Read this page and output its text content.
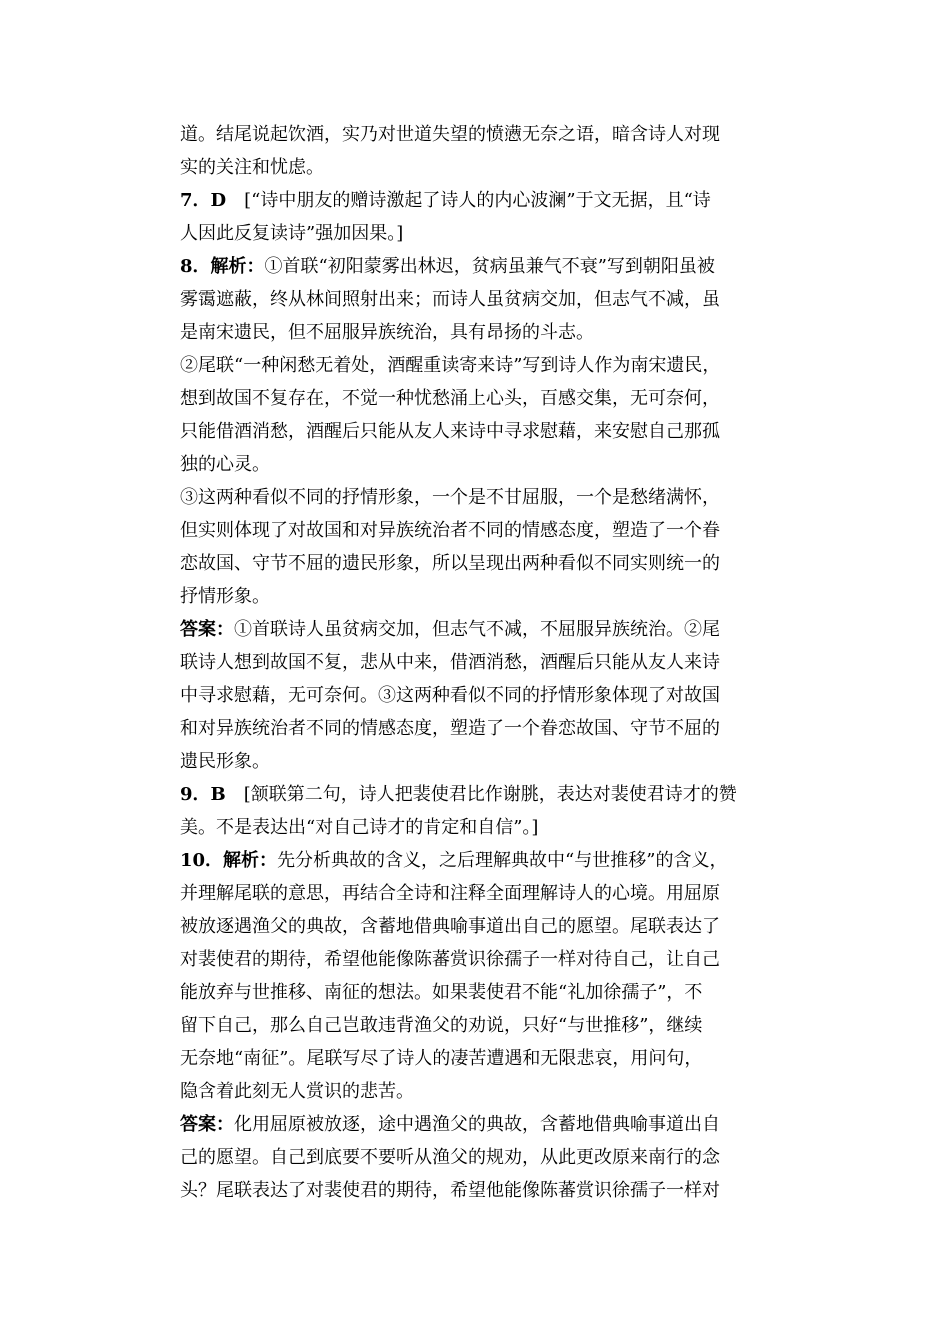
道。结尾说起饮酒，实乃对世道失望的愤懑无奈之语，暗含诗人对现
实的关注和忧虑。
7．D　[“诗中朋友的赠诗激起了诗人的内心波澜”于文无据，且“诗
人因此反复读诗”强加因果。]
8．解析：①首联“初阳蒙雾出林迟，贫病虽兼气不衰”写到朝阳虽被
雾霭遮蔽，终从林间照射出来；而诗人虽贫病交加，但志气不减，虽
是南宋遗民，但不屈服异族统治，具有昂扬的斗志。
②尾联“一种闲愁无着处，酒醒重读寄来诗”写到诗人作为南宋遗民，
想到故国不复存在，不觉一种忧愁涌上心头，百感交集，无可奈何，
只能借酒消愁，酒醒后只能从友人来诗中寻求慰藉，来安慰自己那孤
独的心灵。
③这两种看似不同的抒情形象，一个是不甘屈服，一个是愁绪满怀，
但实则体现了对故国和对异族统治者不同的情感态度，塑造了一个眷
恋故国、守节不屈的遗民形象，所以呈现出两种看似不同实则统一的
抒情形象。
答案：①首联诗人虽贫病交加，但志气不减，不屈服异族统治。②尾
联诗人想到故国不复，悲从中来，借酒消愁，酒醒后只能从友人来诗
中寻求慰藉，无可奈何。③这两种看似不同的抒情形象体现了对故国
和对异族统治者不同的情感态度，塑造了一个眷恋故国、守节不屈的
遗民形象。
9．B　[颔联第二句，诗人把裴使君比作谢朓，表达对裴使君诗才的赞
美。不是表达出“对自己诗才的肯定和自信”。]
10．解析：先分析典故的含义，之后理解典故中“与世推移”的含义，
并理解尾联的意思，再结合全诗和注释全面理解诗人的心境。用屈原
被放逐遇渔父的典故，含蓄地借典喻事道出自己的愿望。尾联表达了
对裴使君的期待，希望他能像陈蕃赏识徐孺子一样对待自己，让自己
能放弃与世推移、南征的想法。如果裴使君不能“礼加徐孺子”，不
留下自己，那么自己岂敢违背渔父的劝说，只好“与世推移”，继续
无奈地“南征”。尾联写尽了诗人的凄苦遭遇和无限悲哀，用问句，
隐含着此刻无人赏识的悲苦。
答案：化用屈原被放逐，途中遇渔父的典故，含蓄地借典喻事道出自
己的愿望。自己到底要不要听从渔父的规劝，从此更改原来南行的念
头？尾联表达了对裴使君的期待，希望他能像陈蕃赏识徐孺子一样对
